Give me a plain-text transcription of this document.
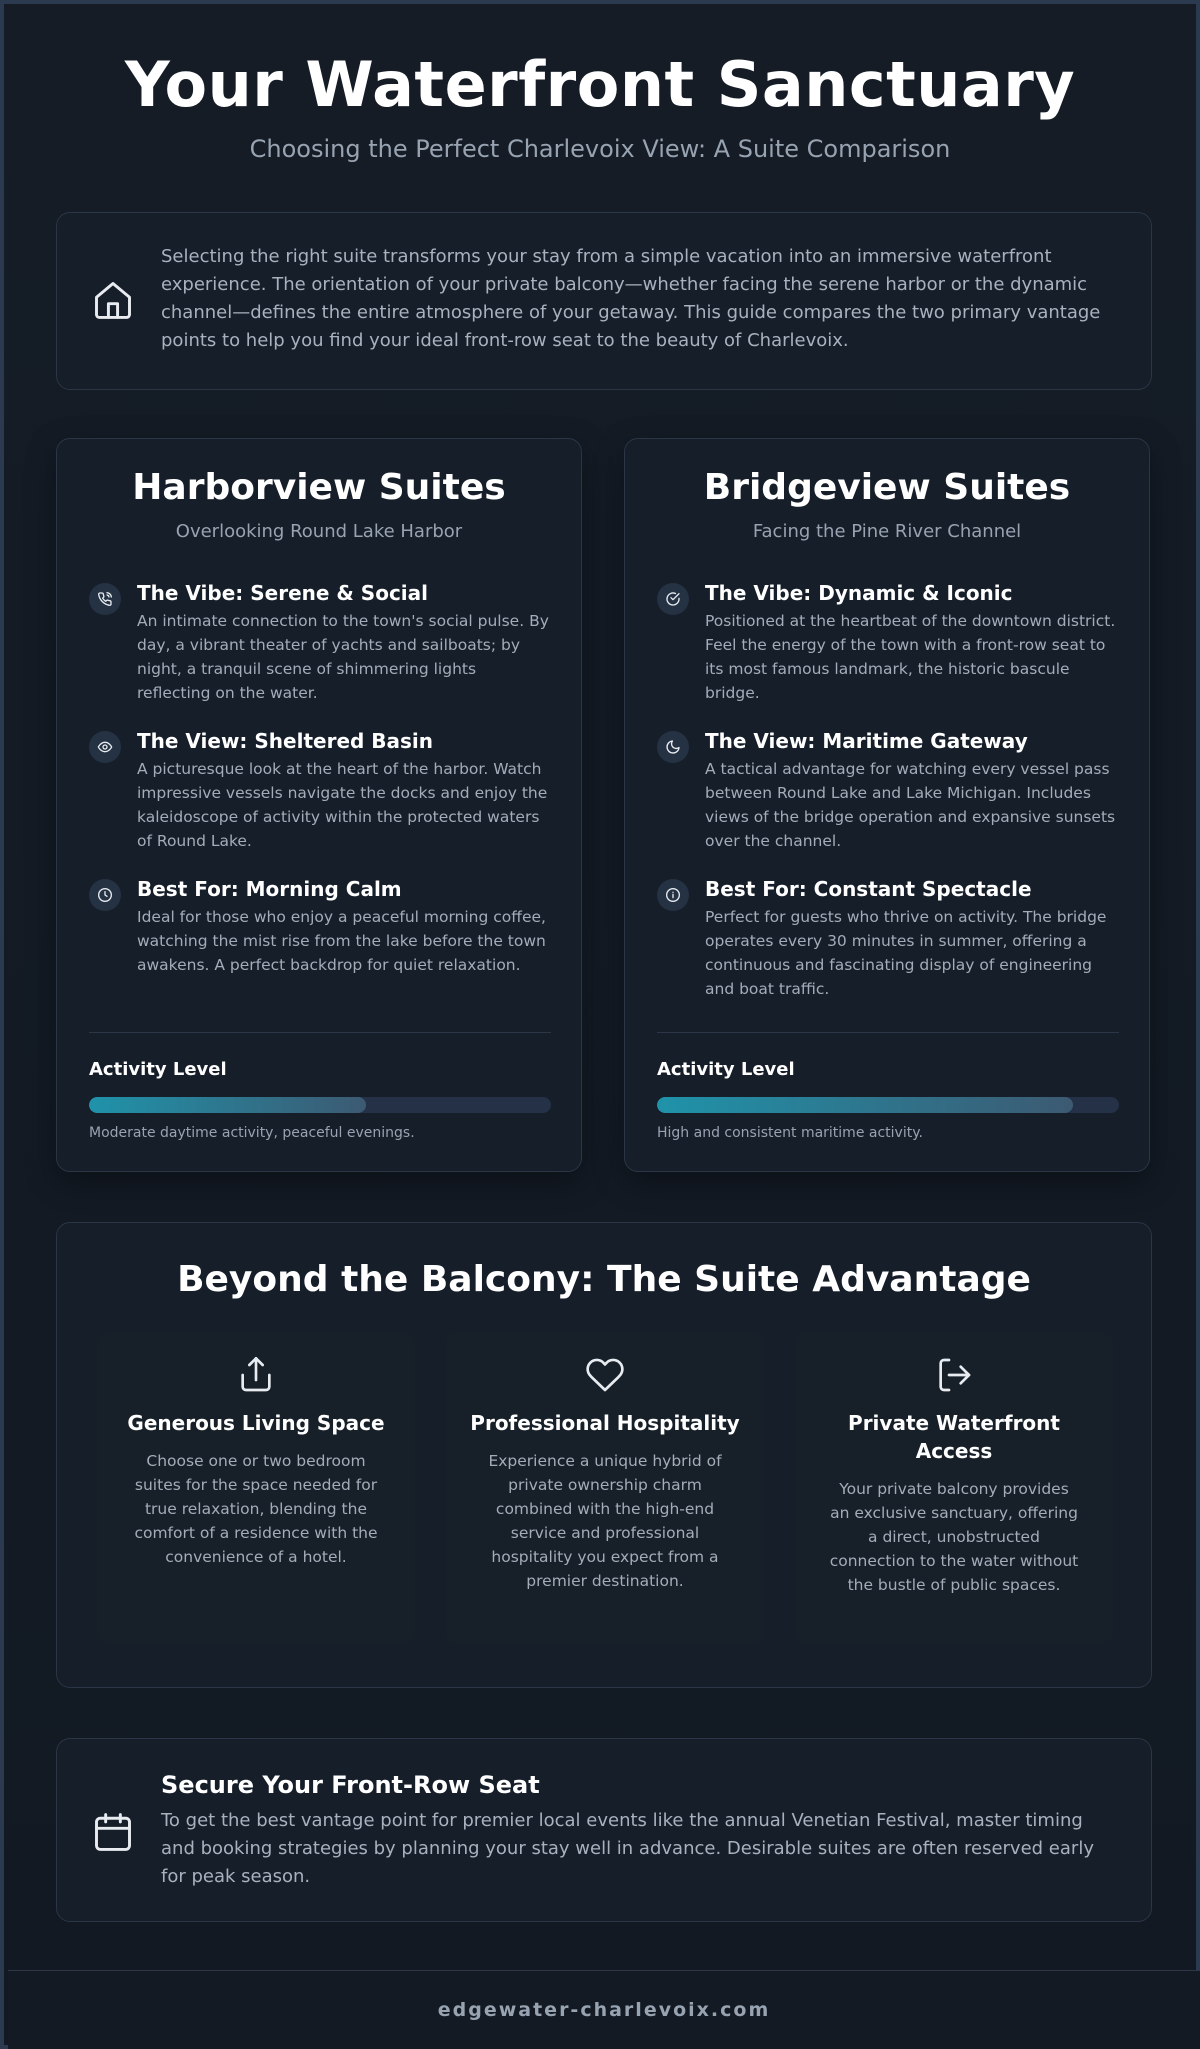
Your Waterfront Sanctuary
Choosing the Perfect Charlevoix View: A Suite Comparison
Selecting the right suite transforms your stay from a simple vacation into an immersive waterfront experience. The orientation of your private balcony—whether facing the serene harbor or the dynamic channel—defines the entire atmosphere of your getaway. This guide compares the two primary vantage points to help you find your ideal front-row seat to the beauty of Charlevoix.
Harborview Suites
Overlooking Round Lake Harbor
The Vibe: Serene & Social
An intimate connection to the town's social pulse. By day, a vibrant theater of yachts and sailboats; by night, a tranquil scene of shimmering lights reflecting on the water.
The View: Sheltered Basin
A picturesque look at the heart of the harbor. Watch impressive vessels navigate the docks and enjoy the kaleidoscope of activity within the protected waters of Round Lake.
Best For: Morning Calm
Ideal for those who enjoy a peaceful morning coffee, watching the mist rise from the lake before the town awakens. A perfect backdrop for quiet relaxation.
Activity Level
Moderate daytime activity, peaceful evenings.
Bridgeview Suites
Facing the Pine River Channel
The Vibe: Dynamic & Iconic
Positioned at the heartbeat of the downtown district. Feel the energy of the town with a front-row seat to its most famous landmark, the historic bascule bridge.
The View: Maritime Gateway
A tactical advantage for watching every vessel pass between Round Lake and Lake Michigan. Includes views of the bridge operation and expansive sunsets over the channel.
Best For: Constant Spectacle
Perfect for guests who thrive on activity. The bridge operates every 30 minutes in summer, offering a continuous and fascinating display of engineering and boat traffic.
Activity Level
High and consistent maritime activity.
Beyond the Balcony: The Suite Advantage
Generous Living Space
Choose one or two bedroom suites for the space needed for true relaxation, blending the comfort of a residence with the convenience of a hotel.
Professional Hospitality
Experience a unique hybrid of private ownership charm combined with the high-end service and professional hospitality you expect from a premier destination.
Private Waterfront Access
Your private balcony provides an exclusive sanctuary, offering a direct, unobstructed connection to the water without the bustle of public spaces.
Secure Your Front-Row Seat
To get the best vantage point for premier local events like the annual Venetian Festival, master timing and booking strategies by planning your stay well in advance. Desirable suites are often reserved early for peak season.
edgewater-charlevoix.com
